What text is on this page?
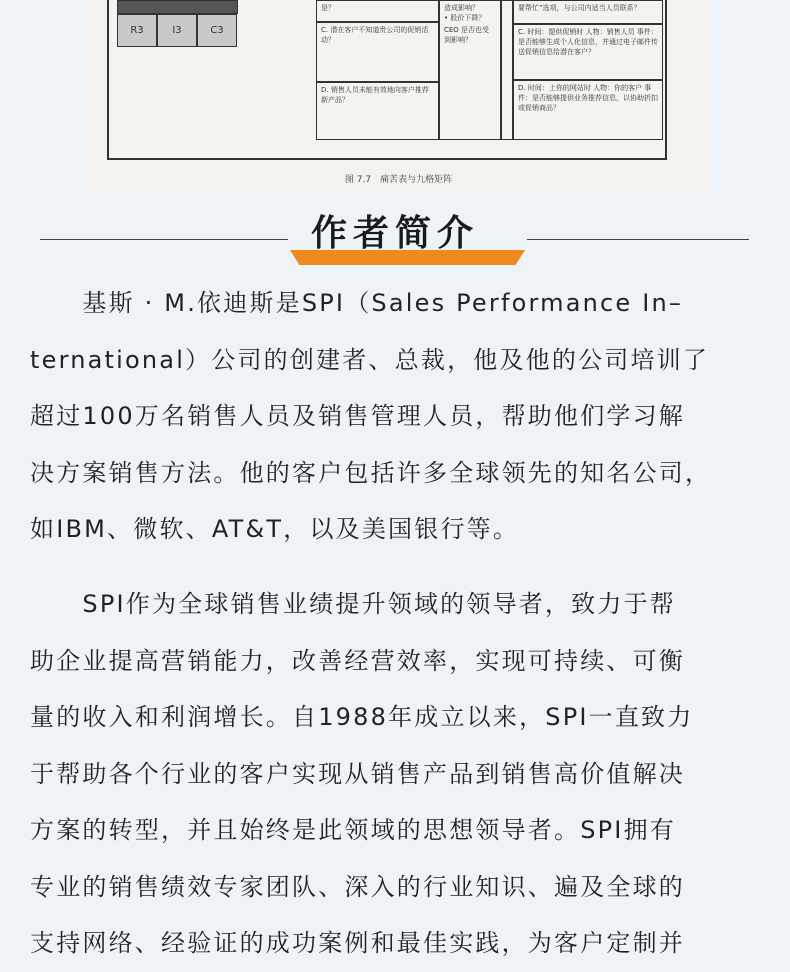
R3	I3	C3
是？
C. 潜在客户不知道贵公司的促销活动？
D. 销售人员未能有效地向客户推荐新产品？
造成影响？
• 股价下降？
CEO 是否也受到影响？
要帮忙”选项，与公司内适当人员联系？
C. 时间：提供促销时 人物：销售人员 事件：是否能够生成个人化信息，并通过电子邮件传送促销信息给潜在客户？
D. 时间：上你的网站时 人物：你的客户 事件：是否能够提供业务推荐信息，以协助折扣或促销商品？
图 7.7　痛苦表与九格矩阵
作者简介
　　基斯 · M.依迪斯是SPI（Sales Performance In–
ternational）公司的创建者、总裁，他及他的公司培训了
超过100万名销售人员及销售管理人员，帮助他们学习解
决方案销售方法。他的客户包括许多全球领先的知名公司，
如IBM、微软、AT&T，以及美国银行等。
　　SPI作为全球销售业绩提升领域的领导者，致力于帮
助企业提高营销能力，改善经营效率，实现可持续、可衡
量的收入和利润增长。自1988年成立以来，SPI一直致力
于帮助各个行业的客户实现从销售产品到销售高价值解决
方案的转型，并且始终是此领域的思想领导者。SPI拥有
专业的销售绩效专家团队、深入的行业知识、遍及全球的
支持网络、经验证的成功案例和最佳实践，为客户定制并
